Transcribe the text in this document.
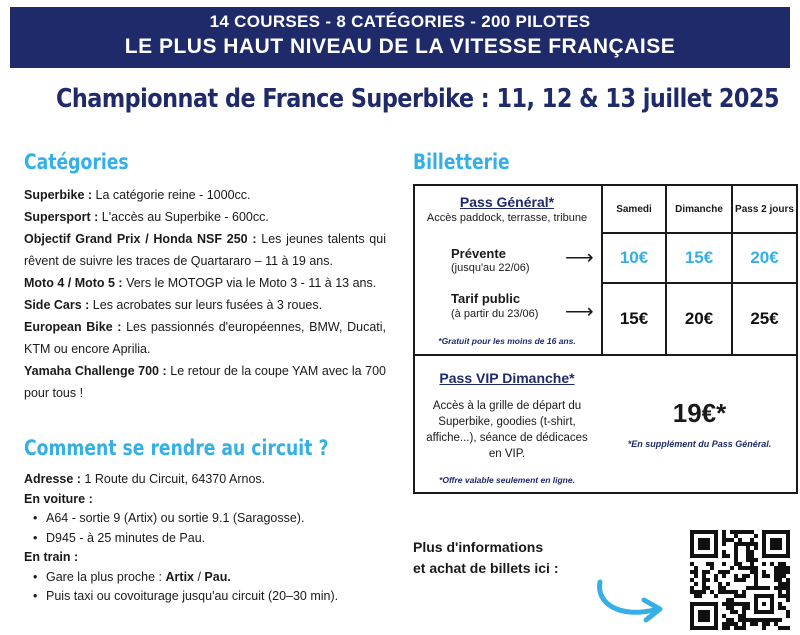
14 COURSES - 8 CATÉGORIES - 200 PILOTES
LE PLUS HAUT NIVEAU DE LA VITESSE FRANÇAISE
Championnat de France Superbike : 11, 12 & 13 juillet 2025
Catégories

Superbike : La catégorie reine - 1000cc.

Supersport : L'accès au Superbike - 600cc.

Objectif Grand Prix / Honda NSF 250 : Les jeunes talents qui rêvent de suivre les traces de Quartararo – 11 à 19 ans.

Moto 4 / Moto 5 : Vers le MOTOGP via le Moto 3 - 11 à 13 ans.

Side Cars : Les acrobates sur leurs fusées à 3 roues.

European Bike : Les passionnés d'européennes, BMW, Ducati, KTM ou encore Aprilia.

Yamaha Challenge 700 : Le retour de la coupe YAM avec la 700 pour tous !

Comment se rendre au circuit ?
Adresse : 1 Route du Circuit, 64370 Arnos.
En voiture :
• A64 - sortie 9 (Artix) ou sortie 9.1 (Saragosse).
• D945 - à 25 minutes de Pau.
En train :
• Gare la plus proche : Artix / Pau.
• Puis taxi ou covoiturage jusqu'au circuit (20–30 min).
Billetterie
Samedi	Dimanche	Pass 2 jours
10€	15€	20€
15€	20€	25€
Pass Général*
Accès paddock, terrasse, tribune
Prévente
(jusqu'au 22/06) ⟶
Tarif public
(à partir du 23/06) ⟶
*Gratuit pour les moins de 16 ans.
Pass VIP Dimanche*
Accès à la grille de départ du Superbike, goodies (t-shirt, affiche...), séance de dédicaces en VIP.
*Offre valable seulement en ligne.
19€*
*En supplément du Pass Général.
Plus d'informations
et achat de billets ici :
